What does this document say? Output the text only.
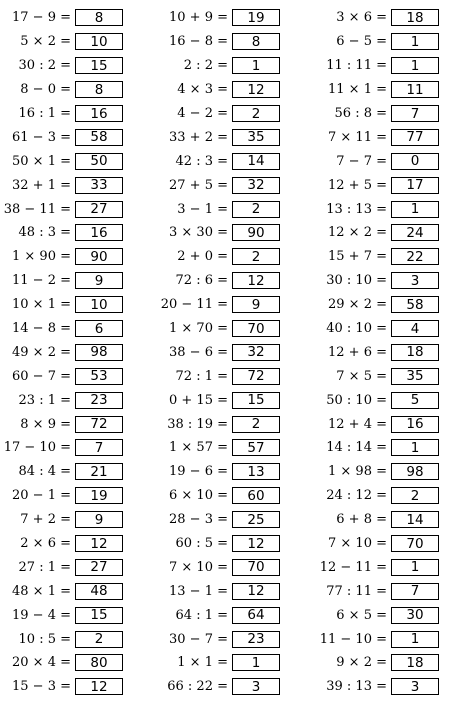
17 − 9 =	8
5 × 2 =	10
30 : 2 =	15
8 − 0 =	8
16 : 1 =	16
61 − 3 =	58
50 × 1 =	50
32 + 1 =	33
38 − 11 =	27
48 : 3 =	16
1 × 90 =	90
11 − 2 =	9
10 × 1 =	10
14 − 8 =	6
49 × 2 =	98
60 − 7 =	53
23 : 1 =	23
8 × 9 =	72
17 − 10 =	7
84 : 4 =	21
20 − 1 =	19
7 + 2 =	9
2 × 6 =	12
27 : 1 =	27
48 × 1 =	48
19 − 4 =	15
10 : 5 =	2
20 × 4 =	80
15 − 3 =	12
10 + 9 =	19
16 − 8 =	8
2 : 2 =	1
4 × 3 =	12
4 − 2 =	2
33 + 2 =	35
42 : 3 =	14
27 + 5 =	32
3 − 1 =	2
3 × 30 =	90
2 + 0 =	2
72 : 6 =	12
20 − 11 =	9
1 × 70 =	70
38 − 6 =	32
72 : 1 =	72
0 + 15 =	15
38 : 19 =	2
1 × 57 =	57
19 − 6 =	13
6 × 10 =	60
28 − 3 =	25
60 : 5 =	12
7 × 10 =	70
13 − 1 =	12
64 : 1 =	64
30 − 7 =	23
1 × 1 =	1
66 : 22 =	3
3 × 6 =	18
6 − 5 =	1
11 : 11 =	1
11 × 1 =	11
56 : 8 =	7
7 × 11 =	77
7 − 7 =	0
12 + 5 =	17
13 : 13 =	1
12 × 2 =	24
15 + 7 =	22
30 : 10 =	3
29 × 2 =	58
40 : 10 =	4
12 + 6 =	18
7 × 5 =	35
50 : 10 =	5
12 + 4 =	16
14 : 14 =	1
1 × 98 =	98
24 : 12 =	2
6 + 8 =	14
7 × 10 =	70
12 − 11 =	1
77 : 11 =	7
6 × 5 =	30
11 − 10 =	1
9 × 2 =	18
39 : 13 =	3
